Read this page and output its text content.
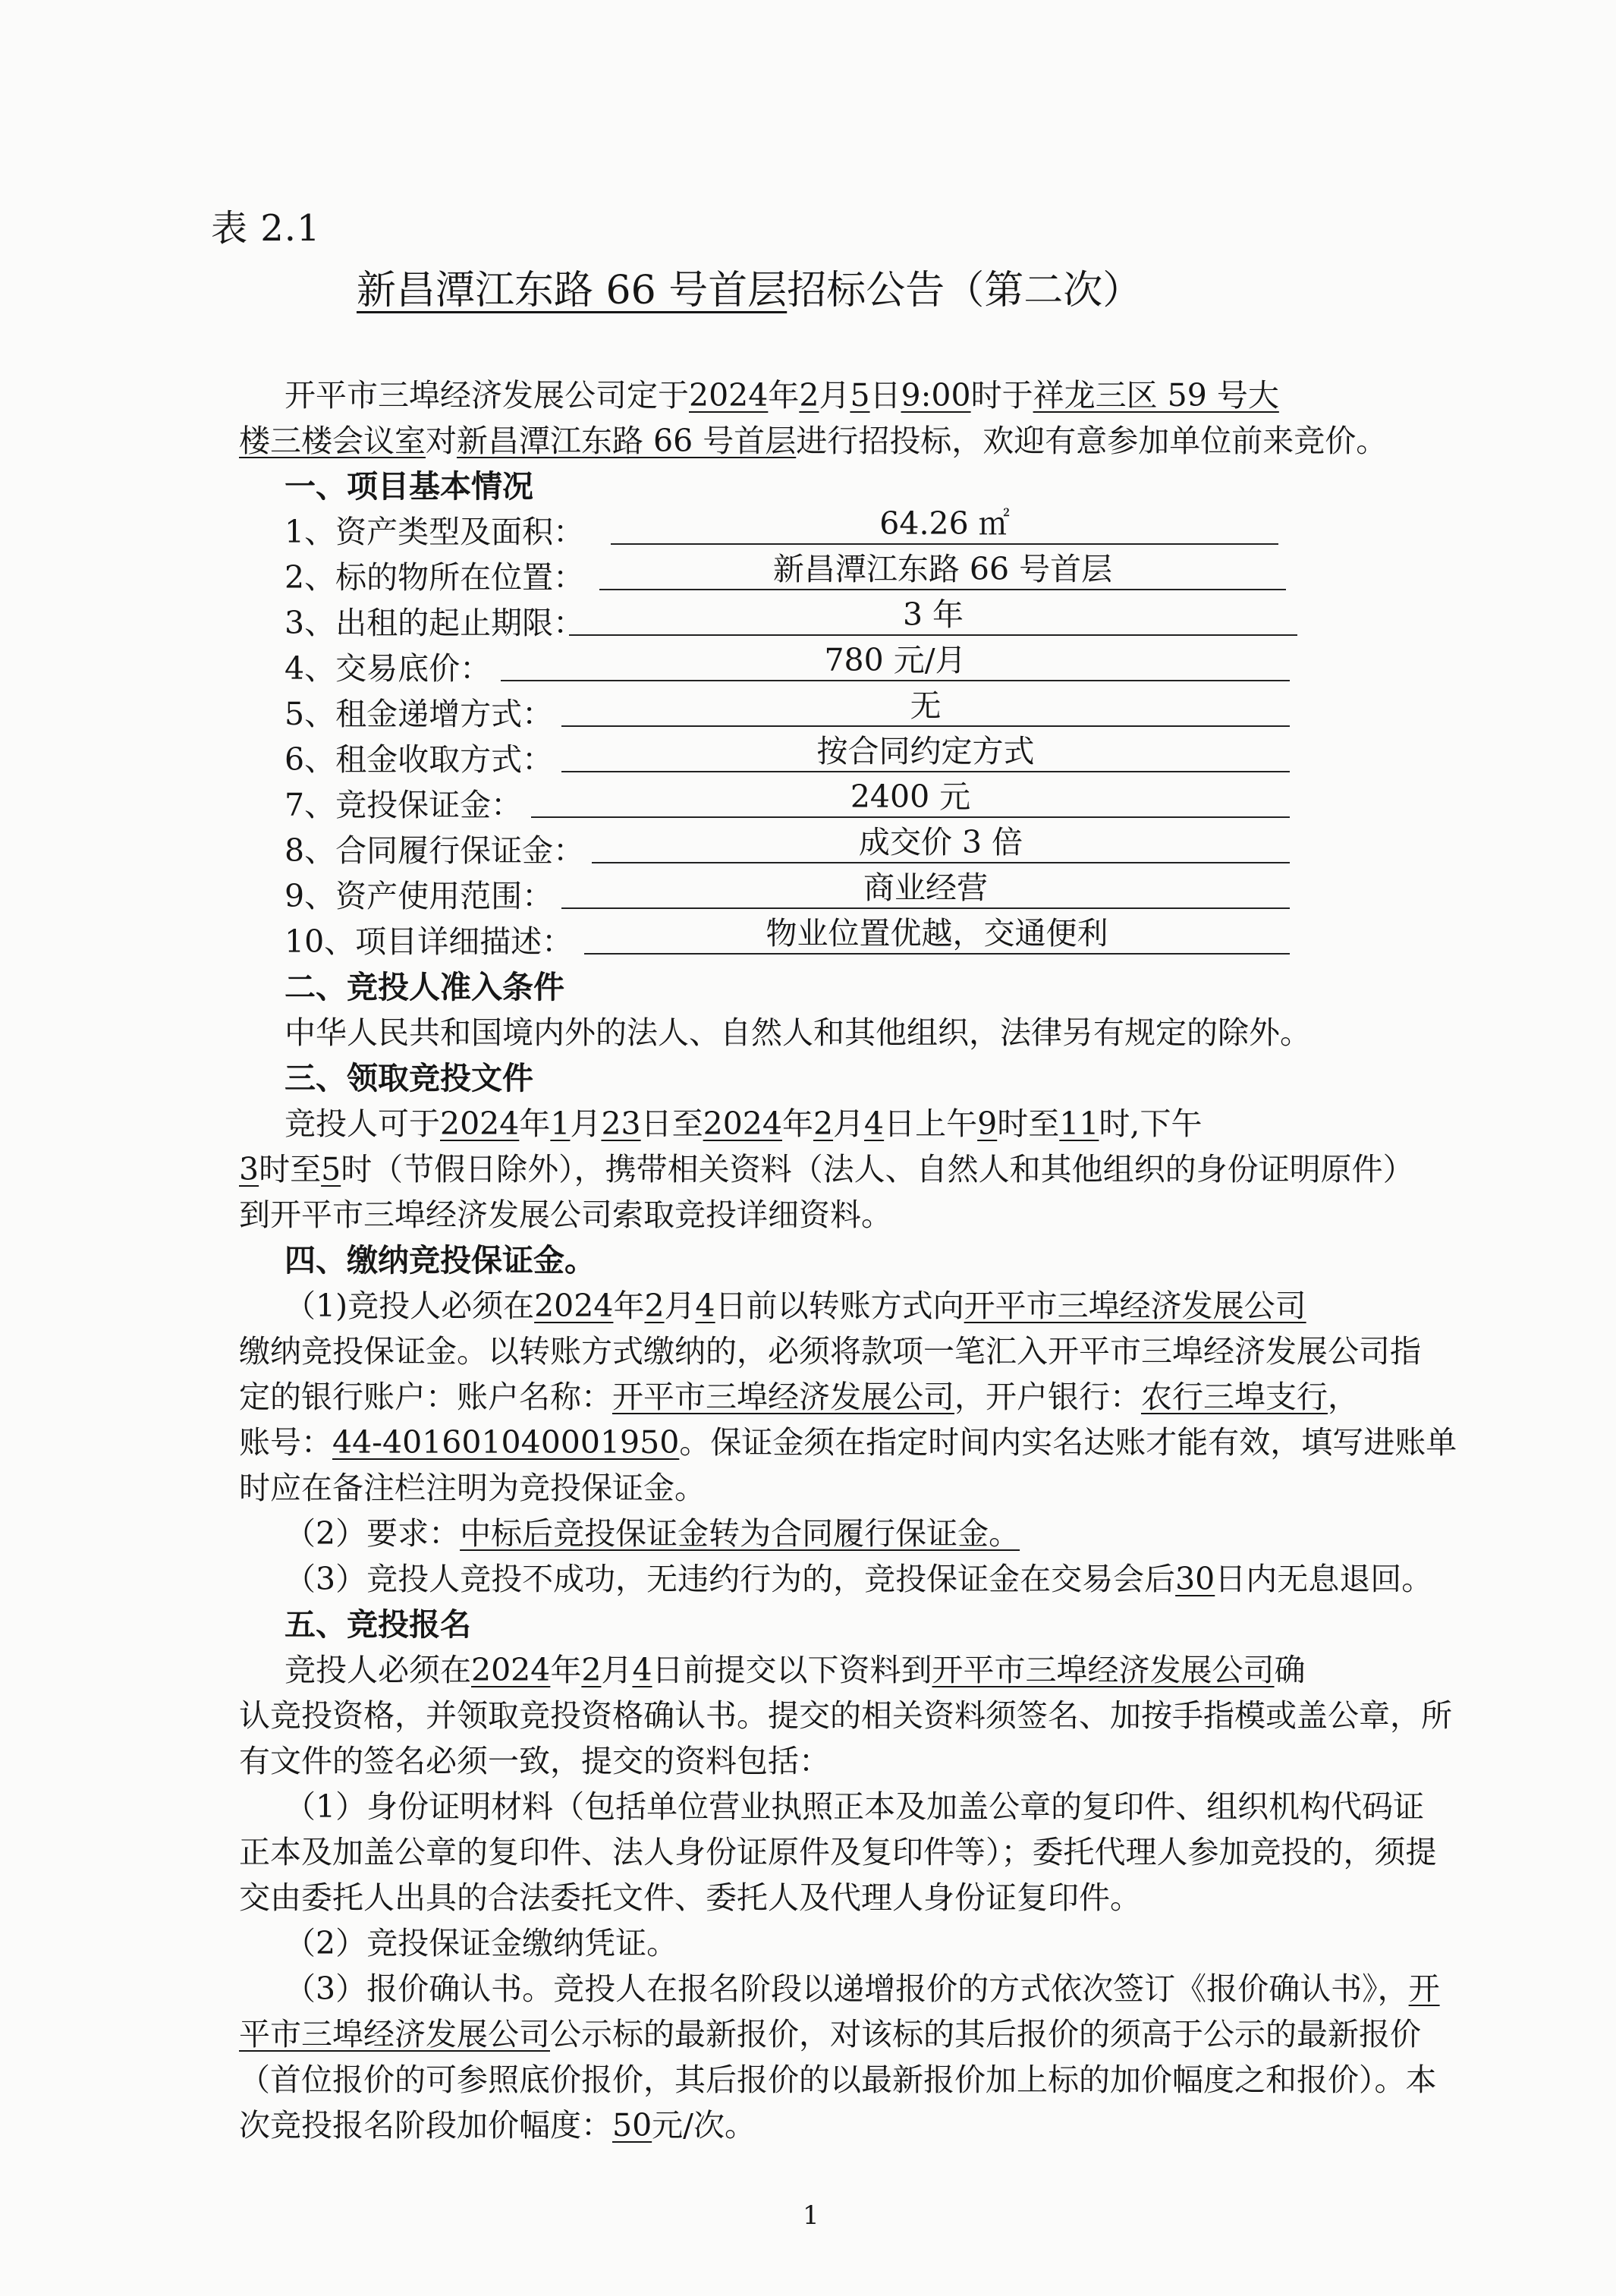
表 2.1
新昌潭江东路 66 号首层招标公告（第二次）
开平市三埠经济发展公司定于2024年2月5日9:00时于祥龙三区 59 号大
楼三楼会议室对新昌潭江东路 66 号首层进行招投标，欢迎有意参加单位前来竞价。
一、项目基本情况
1、资产类型及面积：	64.26 ㎡
2、标的物所在位置：	新昌潭江东路 66 号首层
3、出租的起止期限：	3 年
4、交易底价：	780 元/月
5、租金递增方式：	无
6、租金收取方式：	按合同约定方式
7、竞投保证金：	2400 元
8、合同履行保证金：	成交价 3 倍
9、资产使用范围：	商业经营
10、项目详细描述：	物业位置优越，交通便利
二、竞投人准入条件
中华人民共和国境内外的法人、自然人和其他组织，法律另有规定的除外。
三、领取竞投文件
竞投人可于2024年1月23日至2024年2月4日上午9时至11时,下午
3时至5时（节假日除外），携带相关资料（法人、自然人和其他组织的身份证明原件）
到开平市三埠经济发展公司索取竞投详细资料。
四、缴纳竞投保证金。
（1)竞投人必须在2024年2月4日前以转账方式向开平市三埠经济发展公司
缴纳竞投保证金。以转账方式缴纳的，必须将款项一笔汇入开平市三埠经济发展公司指
定的银行账户：账户名称：开平市三埠经济发展公司，开户银行：农行三埠支行，
账号：44-401601040001950。保证金须在指定时间内实名达账才能有效，填写进账单
时应在备注栏注明为竞投保证金。
（2）要求：中标后竞投保证金转为合同履行保证金。
（3）竞投人竞投不成功，无违约行为的，竞投保证金在交易会后30日内无息退回。
五、竞投报名
竞投人必须在2024年2月4日前提交以下资料到开平市三埠经济发展公司确
认竞投资格，并领取竞投资格确认书。提交的相关资料须签名、加按手指模或盖公章，所
有文件的签名必须一致，提交的资料包括：
（1）身份证明材料（包括单位营业执照正本及加盖公章的复印件、组织机构代码证
正本及加盖公章的复印件、法人身份证原件及复印件等）；委托代理人参加竞投的，须提
交由委托人出具的合法委托文件、委托人及代理人身份证复印件。
（2）竞投保证金缴纳凭证。
（3）报价确认书。竞投人在报名阶段以递增报价的方式依次签订《报价确认书》，开
平市三埠经济发展公司公示标的最新报价，对该标的其后报价的须高于公示的最新报价
（首位报价的可参照底价报价，其后报价的以最新报价加上标的加价幅度之和报价）。本
次竞投报名阶段加价幅度：50元/次。
1
